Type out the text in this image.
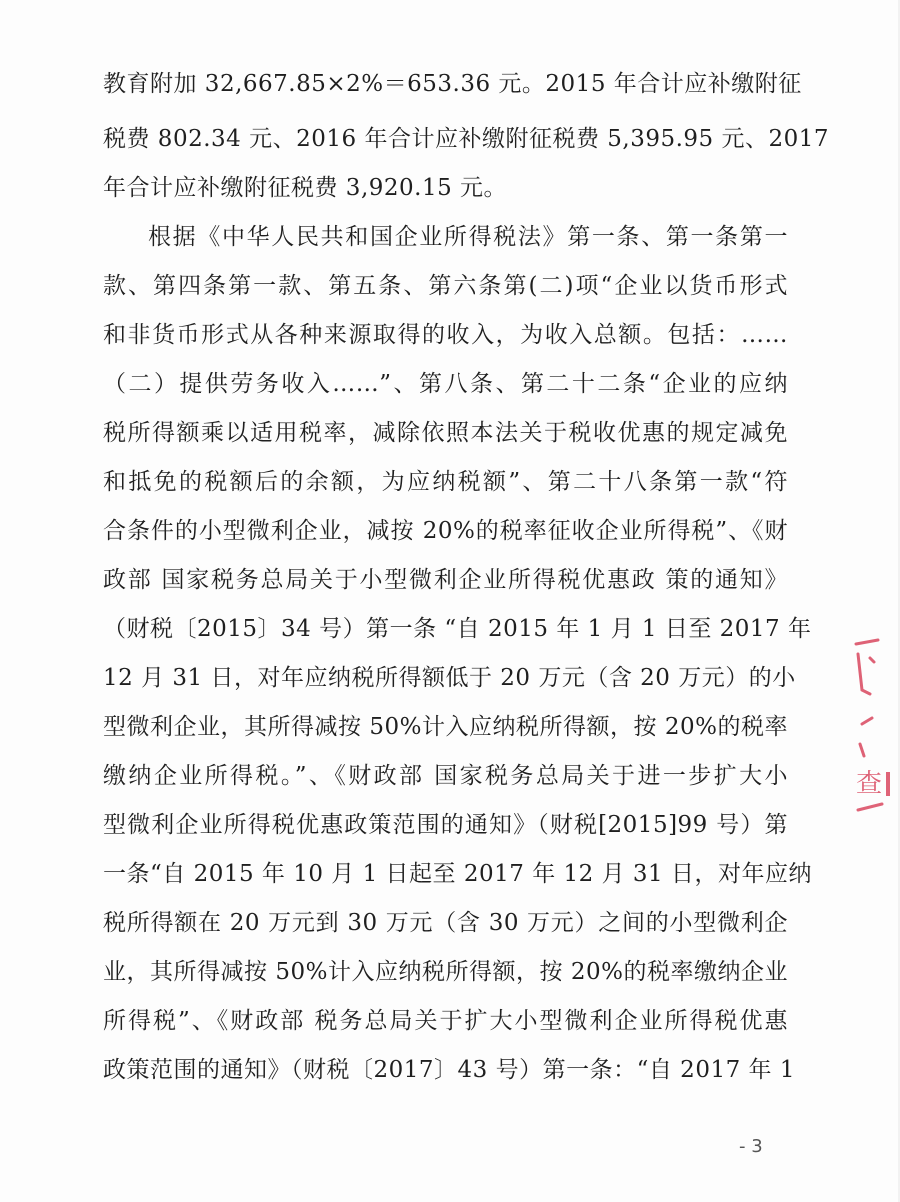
教育附加 32,667.85×2%＝653.36 元。2015 年合计应补缴附征
税费 802.34 元、2016 年合计应补缴附征税费 5,395.95 元、2017
年合计应补缴附征税费 3,920.15 元。
根据《中华人民共和国企业所得税法》第一条、第一条第一
款、第四条第一款、第五条、第六条第(二)项“企业以货币形式
和非货币形式从各种来源取得的收入，为收入总额。包括：……
（二）提供劳务收入……”、第八条、第二十二条“企业的应纳
税所得额乘以适用税率，减除依照本法关于税收优惠的规定减免
和抵免的税额后的余额，为应纳税额”、第二十八条第一款“符
合条件的小型微利企业，减按 20%的税率征收企业所得税”、《财
政部 国家税务总局关于小型微利企业所得税优惠政 策的通知》
（财税〔2015〕34 号）第一条 “自 2015 年 1 月 1 日至 2017 年
12 月 31 日，对年应纳税所得额低于 20 万元（含 20 万元）的小
型微利企业，其所得减按 50%计入应纳税所得额，按 20%的税率
缴纳企业所得税。”、《财政部 国家税务总局关于进一步扩大小
型微利企业所得税优惠政策范围的通知》（财税[2015]99 号）第
一条“自 2015 年 10 月 1 日起至 2017 年 12 月 31 日，对年应纳
税所得额在 20 万元到 30 万元（含 30 万元）之间的小型微利企
业，其所得减按 50%计入应纳税所得额，按 20%的税率缴纳企业
所得税”、《财政部 税务总局关于扩大小型微利企业所得税优惠
政策范围的通知》（财税〔2017〕43 号）第一条：“自 2017 年 1
查
- 3
